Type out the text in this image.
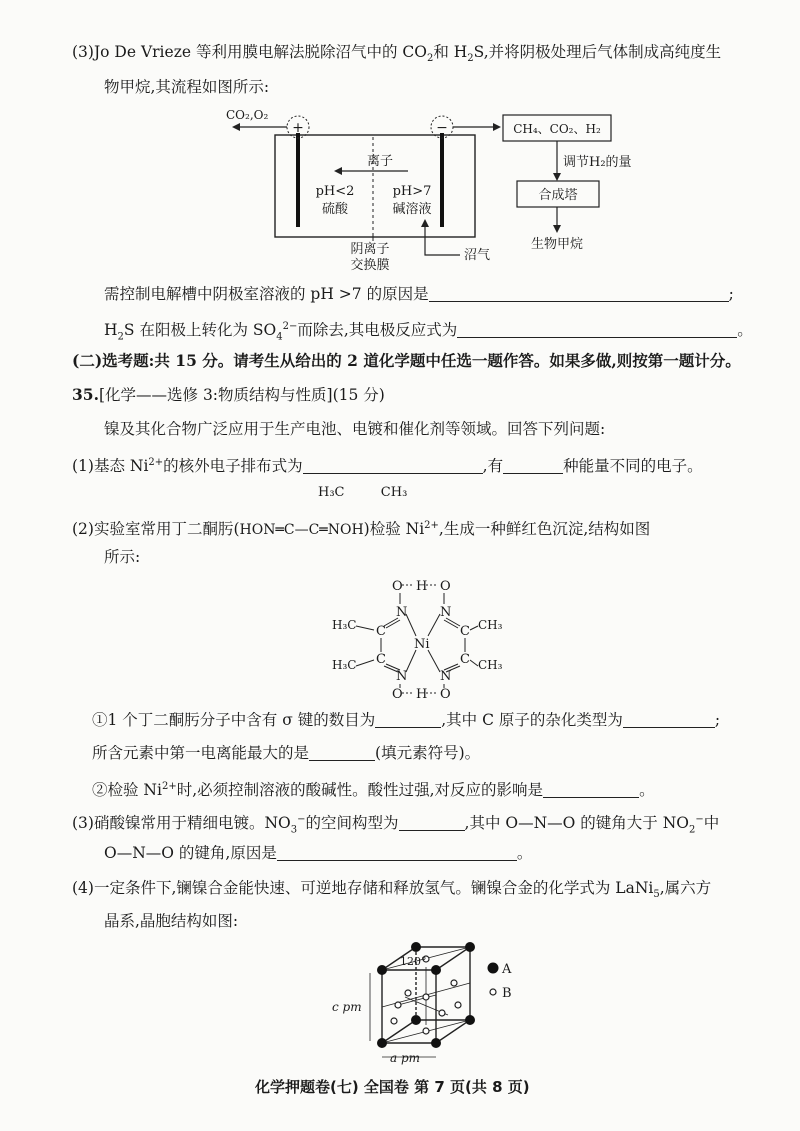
(3)Jo De Vrieze 等利用膜电解法脱除沼气中的 $CO_2$和 $H_2S$,并将阴极处理后气体制成高纯度生
物甲烷,其流程如图所示:
+	−
CO₂,O₂
离子
pH<2
硫酸
pH>7
碱溶液
阴离子
交换膜
沼气
CH₄、CO₂、H₂
调节H₂的量
合成塔
生物甲烷
需控制电解槽中阴极室溶液的 pH >7 的原因是	;
$H_2S$ 在阳极上转化为 $SO_4^{2-}$而除去,其电极反应式为	。
(二)选考题:共 15 分。请考生从给出的 2 道化学题中任选一题作答。如果多做,则按第一题计分。
35.[化学——选修 3:物质结构与性质](15 分)
镍及其化合物广泛应用于生产电池、电镀和催化剂等领域。回答下列问题:
(1)基态 $Ni^{2+}$的核外电子排布式为	,有	种能量不同的电子。
H₃C	CH₃
(2)实验室常用丁二酮肟(HON═C—C═NOH)检验 $Ni^{2+}$,生成一种鲜红色沉淀,结构如图
所示:
O H O
N	N
C	C
Ni
C	C
N	N
O H O
H₃C
H₃C
CH₃
CH₃
①1 个丁二酮肟分子中含有 σ 键的数目为	,其中 C 原子的杂化类型为	;
所含元素中第一电离能最大的是	(填元素符号)。
②检验 $Ni^{2+}$时,必须控制溶液的酸碱性。酸性过强,对反应的影响是	。
(3)硝酸镍常用于精细电镀。$NO_3^-$的空间构型为	,其中 O—N—O 的键角大于 $NO_2^-$中
O—N—O 的键角,原因是	。
(4)一定条件下,镧镍合金能快速、可逆地存储和释放氢气。镧镍合金的化学式为 LaNi$_5$,属六方
晶系,晶胞结构如图:
120°
c pm
a pm
A
B
化学押题卷(七) 全国卷 第 7 页(共 8 页)
